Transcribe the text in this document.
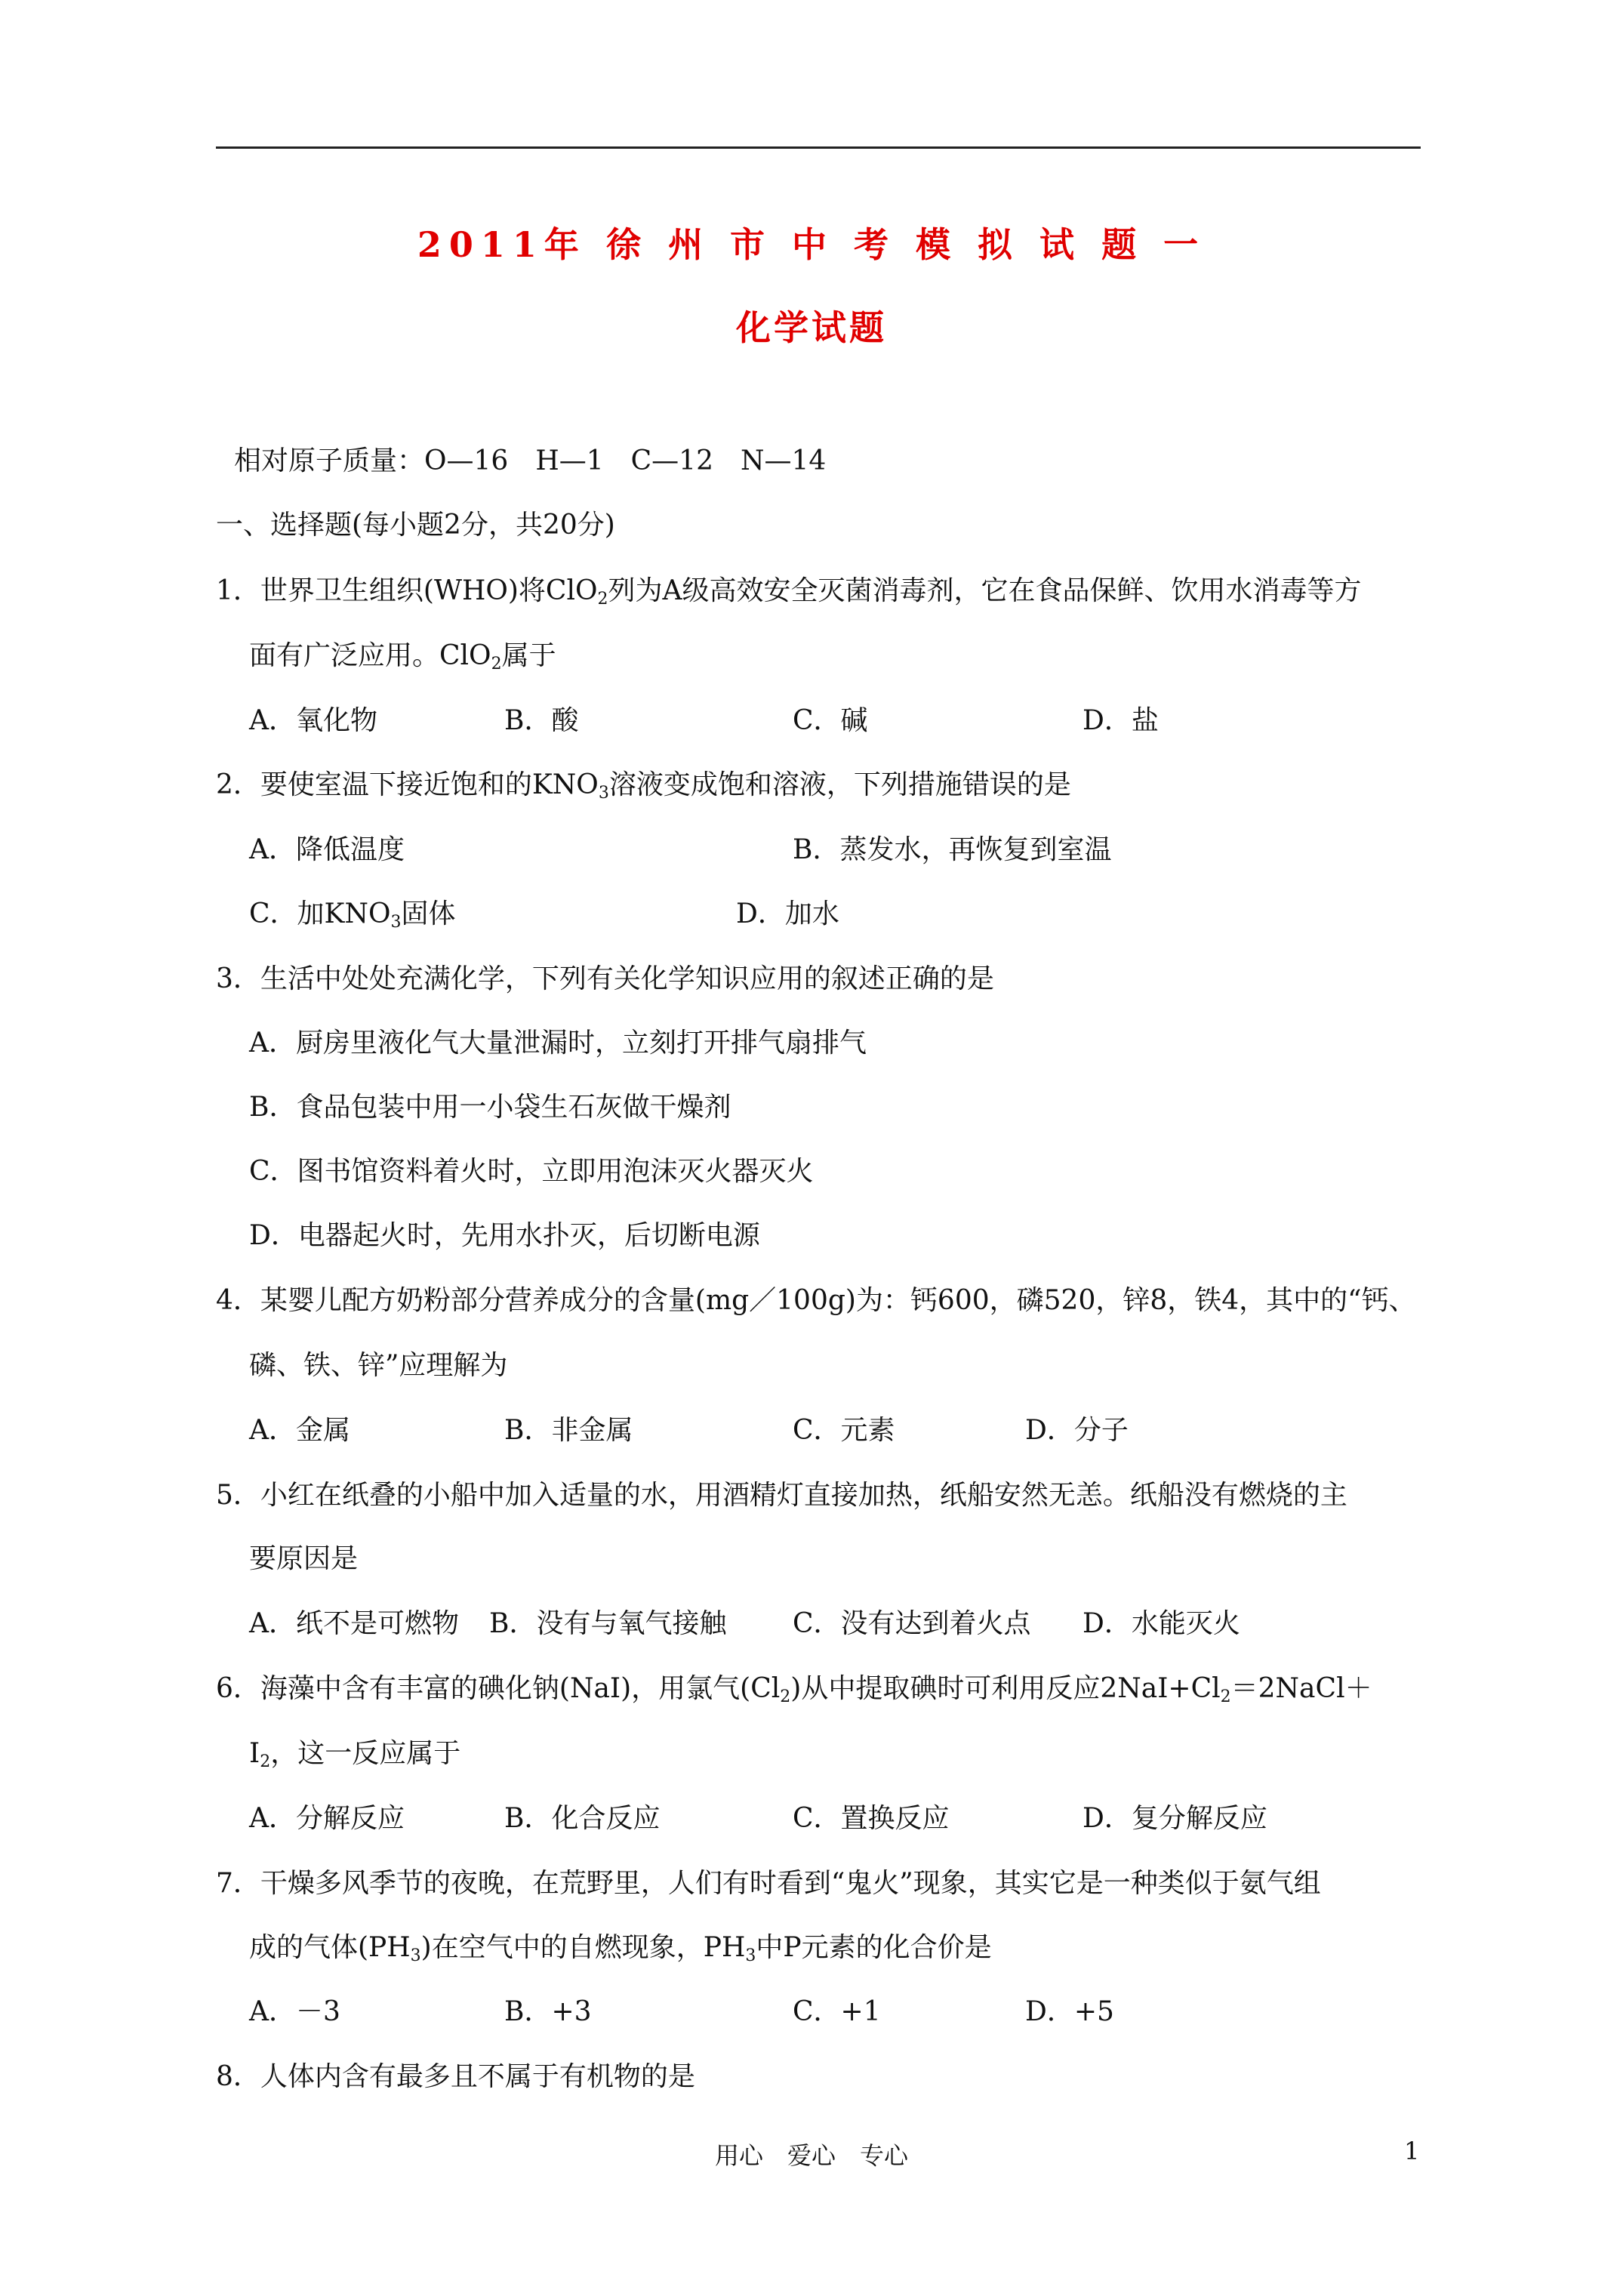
2011年 徐 州 市 中 考 模 拟 试 题 一
化学试题
相对原子质量：O—16　H—1　C—12　N—14
一、选择题(每小题2分，共20分)
1．世界卫生组织(WHO)将ClO$_2$列为A级高效安全灭菌消毒剂，它在食品保鲜、饮用水消毒等方
面有广泛应用。ClO$_2$属于
A．氧化物	B．酸	C．碱	D．盐
2．要使室温下接近饱和的$KNO_3$溶液变成饱和溶液，下列措施错误的是
A．降低温度	B．蒸发水，再恢复到室温
C．加$KNO_3$固体	D．加水
3．生活中处处充满化学，下列有关化学知识应用的叙述正确的是
A．厨房里液化气大量泄漏时，立刻打开排气扇排气
B．食品包装中用一小袋生石灰做干燥剂
C．图书馆资料着火时，立即用泡沫灭火器灭火
D．电器起火时，先用水扑灭，后切断电源
4．某婴儿配方奶粉部分营养成分的含量(mg／100g)为：钙600，磷520，锌8，铁4，其中的“钙、
磷、铁、锌”应理解为
A．金属	B．非金属	C．元素	D．分子
5．小红在纸叠的小船中加入适量的水，用酒精灯直接加热，纸船安然无恙。纸船没有燃烧的主
要原因是
A．纸不是可燃物 B．没有与氧气接触 C．没有达到着火点 D．水能灭火
6．海藻中含有丰富的碘化钠(NaI)，用氯气$(Cl_2)$从中提取碘时可利用反应$2NaI+Cl_2=2NaCl+$
$I_2$，这一反应属于
A．分解反应	B．化合反应	C．置换反应	D．复分解反应
7．干燥多风季节的夜晚，在荒野里，人们有时看到“鬼火”现象，其实它是一种类似于氨气组
成的气体$(PH_3)$在空气中的自燃现象，$PH_3$中P元素的化合价是
A．－3	B．+3	C．+1	D．+5
8．人体内含有最多且不属于有机物的是
用心　爱心　专心	1
